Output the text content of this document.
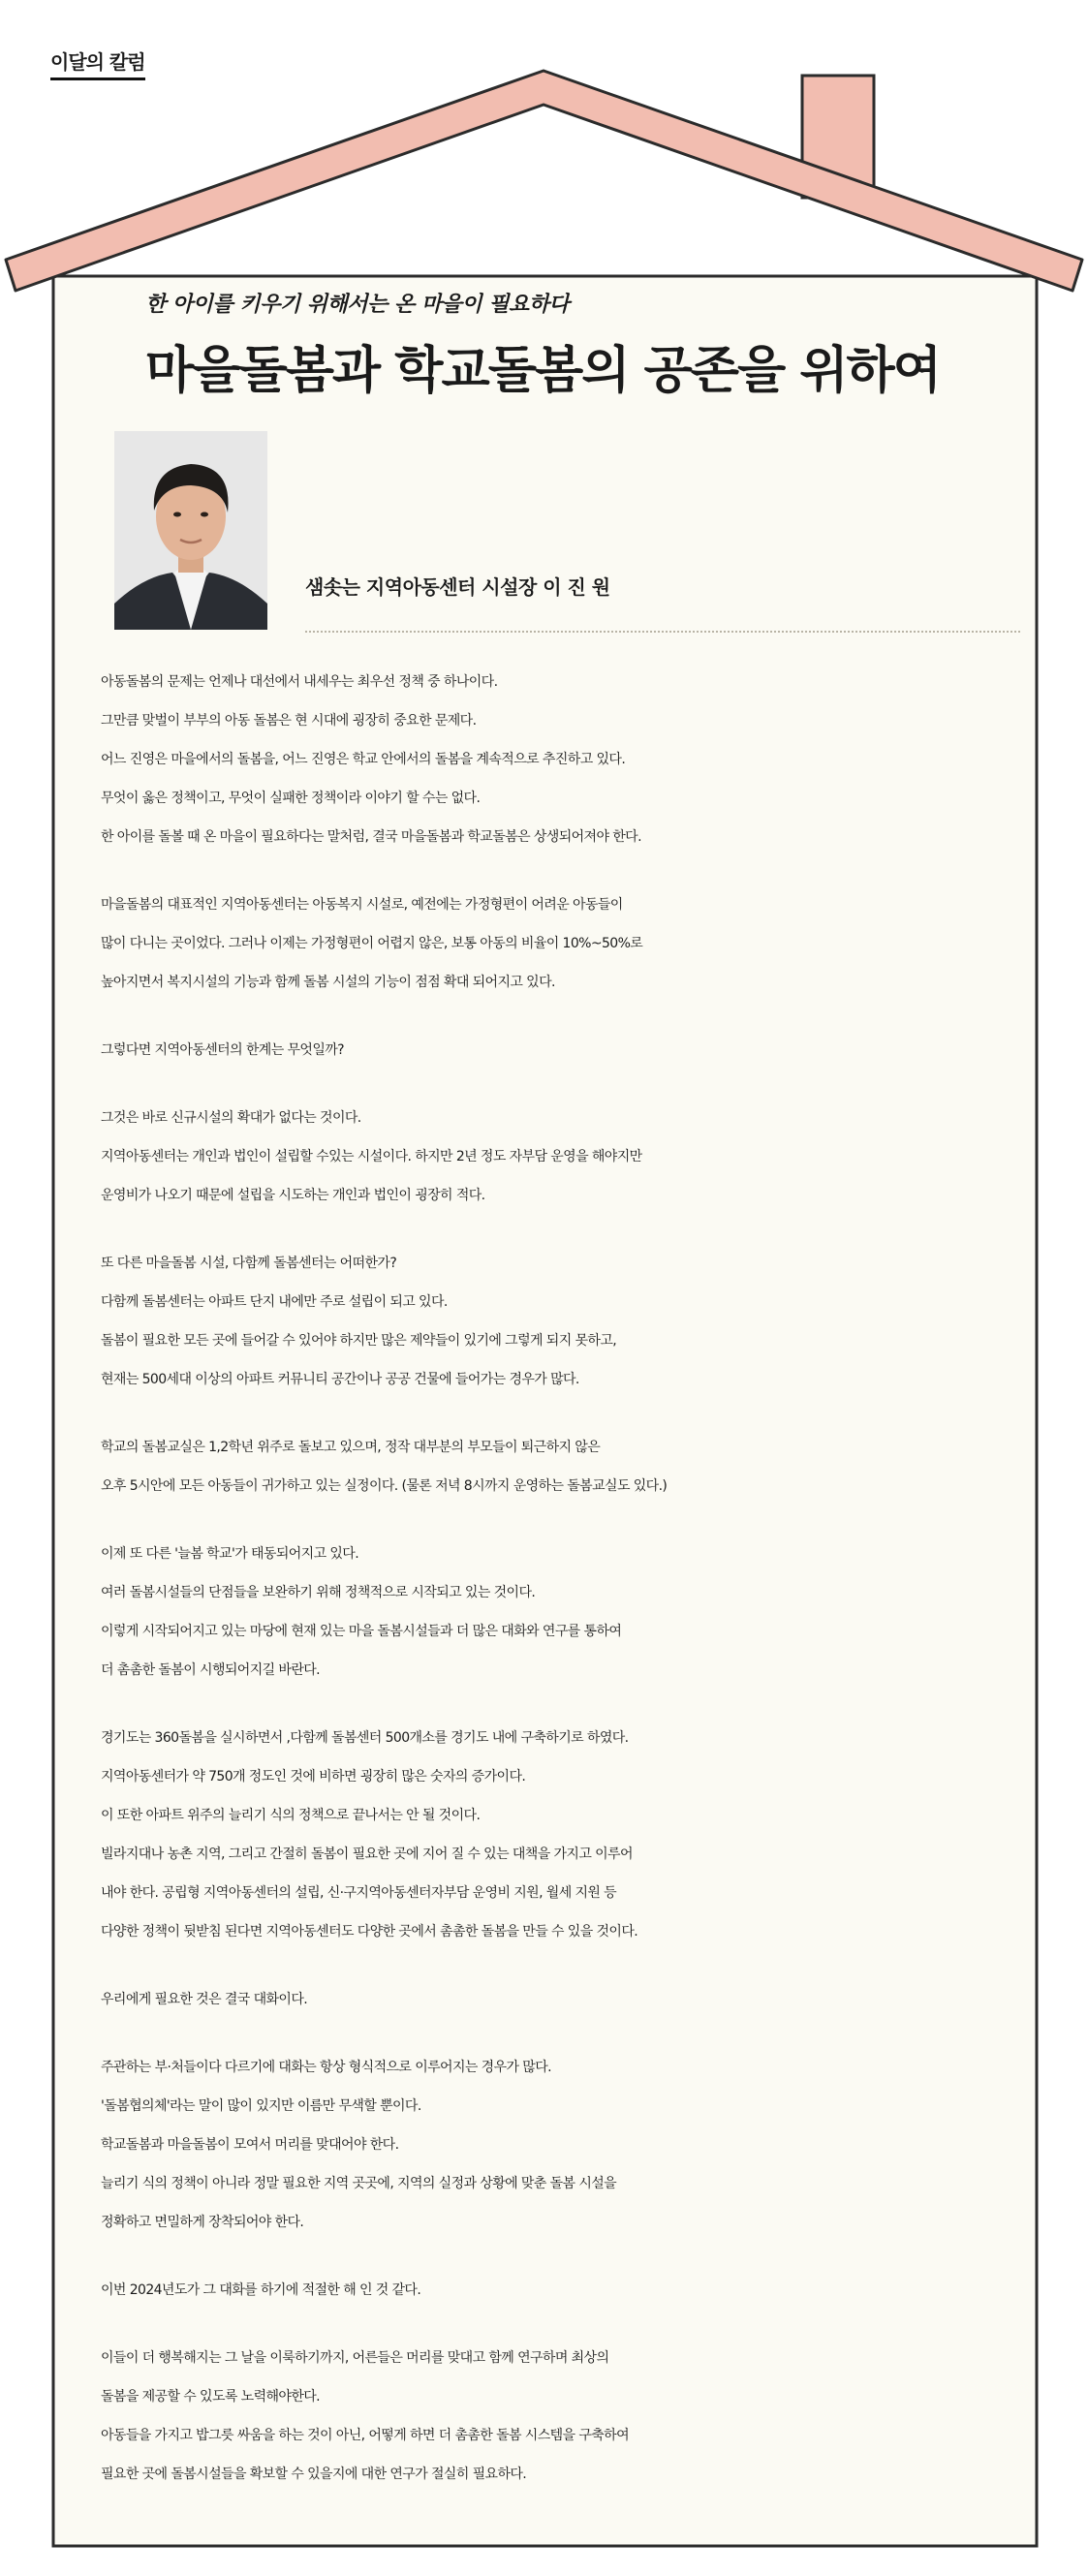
이달의 칼럼
한 아이를 키우기 위해서는 온 마을이 필요하다
마을돌봄과 학교돌봄의 공존을 위하여
샘솟는 지역아동센터 시설장 이 진 원
아동돌봄의 문제는 언제나 대선에서 내세우는 최우선 정책 중 하나이다.
그만큼 맞벌이 부부의 아동 돌봄은 현 시대에 굉장히 중요한 문제다.
어느 진영은 마을에서의 돌봄을, 어느 진영은 학교 안에서의 돌봄을 계속적으로 추진하고 있다.
무엇이 옳은 정책이고, 무엇이 실패한 정책이라 이야기 할 수는 없다.
한 아이를 돌볼 때 온 마을이 필요하다는 말처럼, 결국 마을돌봄과 학교돌봄은 상생되어져야 한다.
마을돌봄의 대표적인 지역아동센터는 아동복지 시설로, 예전에는 가정형편이 어려운 아동들이
많이 다니는 곳이었다. 그러나 이제는 가정형편이 어렵지 않은, 보통 아동의 비율이 10%~50%로
높아지면서 복지시설의 기능과 함께 돌봄 시설의 기능이 점점 확대 되어지고 있다.
그렇다면 지역아동센터의 한계는 무엇일까?
그것은 바로 신규시설의 확대가 없다는 것이다.
지역아동센터는 개인과 법인이 설립할 수있는 시설이다. 하지만 2년 정도 자부담 운영을 해야지만
운영비가 나오기 때문에 설립을 시도하는 개인과 법인이 굉장히 적다.
또 다른 마을돌봄 시설, 다함께 돌봄센터는 어떠한가?
다함께 돌봄센터는 아파트 단지 내에만 주로 설립이 되고 있다.
돌봄이 필요한 모든 곳에 들어갈 수 있어야 하지만 많은 제약들이 있기에 그렇게 되지 못하고,
현재는 500세대 이상의 아파트 커뮤니티 공간이나 공공 건물에 들어가는 경우가 많다.
학교의 돌봄교실은 1,2학년 위주로 돌보고 있으며, 정작 대부분의 부모들이 퇴근하지 않은
오후 5시안에 모든 아동들이 귀가하고 있는 실정이다. (물론 저녁 8시까지 운영하는 돌봄교실도 있다.)
이제 또 다른 '늘봄 학교'가 태동되어지고 있다.
여러 돌봄시설들의 단점들을 보완하기 위해 정책적으로 시작되고 있는 것이다.
이렇게 시작되어지고 있는 마당에 현재 있는 마을 돌봄시설들과 더 많은 대화와 연구를 통하여
더 촘촘한 돌봄이 시행되어지길 바란다.
경기도는 360돌봄을 실시하면서 ,다함께 돌봄센터 500개소를 경기도 내에 구축하기로 하였다.
지역아동센터가 약 750개 정도인 것에 비하면 굉장히 많은 숫자의 증가이다.
이 또한 아파트 위주의 늘리기 식의 정책으로 끝나서는 안 될 것이다.
빌라지대나 농촌 지역, 그리고 간절히 돌봄이 필요한 곳에 지어 질 수 있는 대책을 가지고 이루어
내야 한다. 공립형 지역아동센터의 설립, 신·구지역아동센터자부담 운영비 지원, 월세 지원 등
다양한 정책이 뒷받침 된다면 지역아동센터도 다양한 곳에서 촘촘한 돌봄을 만들 수 있을 것이다.
우리에게 필요한 것은 결국 대화이다.
주관하는 부·처들이다 다르기에 대화는 항상 형식적으로 이루어지는 경우가 많다.
'돌봄협의체'라는 말이 많이 있지만 이름만 무색할 뿐이다.
학교돌봄과 마을돌봄이 모여서 머리를 맞대어야 한다.
늘리기 식의 정책이 아니라 정말 필요한 지역 곳곳에, 지역의 실정과 상황에 맞춘 돌봄 시설을
정확하고 면밀하게 장착되어야 한다.
이번 2024년도가 그 대화를 하기에 적절한 해 인 것 같다.
이들이 더 행복해지는 그 날을 이룩하기까지, 어른들은 머리를 맞대고 함께 연구하며 최상의
돌봄을 제공할 수 있도록 노력해야한다.
아동들을 가지고 밥그릇 싸움을 하는 것이 아닌, 어떻게 하면 더 촘촘한 돌봄 시스템을 구축하여
필요한 곳에 돌봄시설들을 확보할 수 있을지에 대한 연구가 절실히 필요하다.
